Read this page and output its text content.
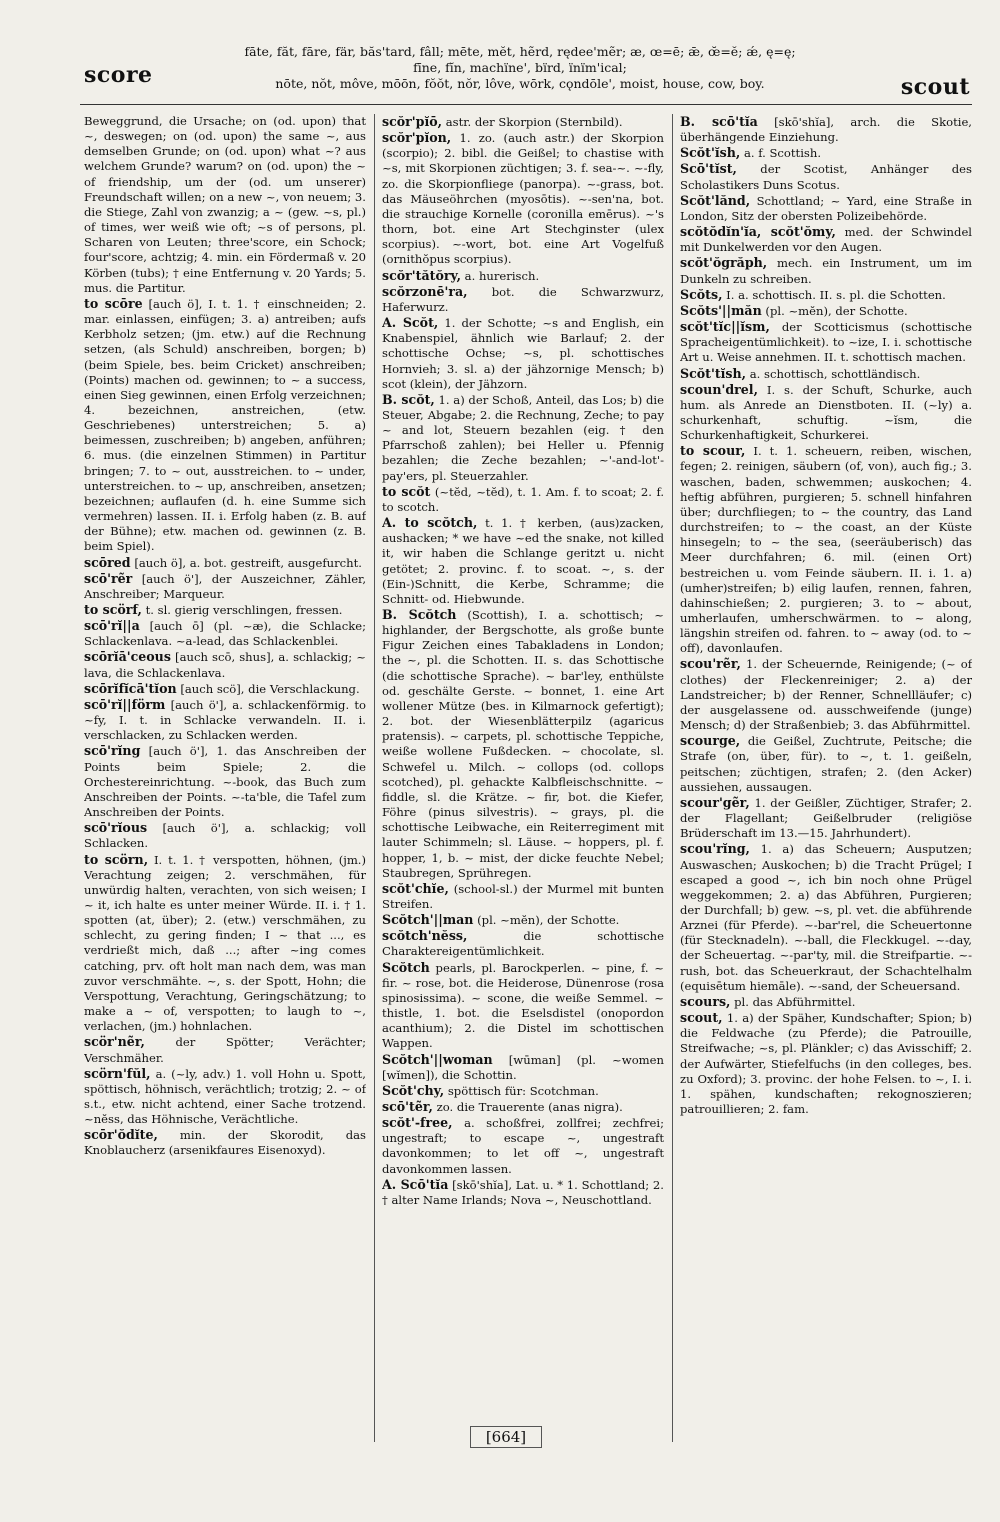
score
fāte, făt, fāre, fär, băs'tard, fâll; mēte, mĕt, hẽrd, rędee'mẽr; æ, œ=ē; ǣ, œ̆=ĕ; ǽ, ę=ę;
fīne, fĭn, machïne', bïrd, ïnïm'ical;
nōte, nŏt, môve, mōōn, fŏŏt, nŏr, lôve, wōrk, cǫndōle', moist, house, cow, boy.	scout
Beweggrund, die Ursache; on (od. upon) that ~, deswegen; on (od. upon) the same ~, aus demselben Grunde; on (od. upon) what ~? aus welchem Grunde? warum? on (od. upon) the ~ of friendship, um der (od. um unserer) Freundschaft willen; on a new ~, von neuem; 3. die Stiege, Zahl von zwanzig; a ~ (gew. ~s, pl.) of times, wer weiß wie oft; ~s of persons, pl. Scharen von Leuten; three'score, ein Schock; four'score, achtzig; 4. min. ein Fördermaß v. 20 Körben (tubs); † eine Entfernung v. 20 Yards; 5. mus. die Partitur.
to scōre [auch ö], I. t. 1. † einschneiden; 2. mar. einlassen, einfügen; 3. a) antreiben; aufs Kerbholz setzen; (jm. etw.) auf die Rechnung setzen, (als Schuld) anschreiben, borgen; b) (beim Spiele, bes. beim Cricket) anschreiben; (Points) machen od. gewinnen; to ~ a success, einen Sieg gewinnen, einen Erfolg verzeichnen; 4. bezeichnen, anstreichen, (etw. Geschriebenes) unterstreichen; 5. a) beimessen, zuschreiben; b) angeben, anführen; 6. mus. (die einzelnen Stimmen) in Partitur bringen; 7. to ~ out, ausstreichen. to ~ under, unterstreichen. to ~ up, anschreiben, ansetzen; bezeichnen; auflaufen (d. h. eine Summe sich vermehren) lassen. II. i. Erfolg haben (z. B. auf der Bühne); etw. machen od. gewinnen (z. B. beim Spiel).
scōred [auch ö], a. bot. gestreift, ausgefurcht.
scō'rẽr [auch ö'], der Auszeichner, Zähler, Anschreiber; Marqueur.
to scörf, t. sl. gierig verschlingen, fressen.
scō'rĭ||a [auch ō] (pl. ~æ), die Schlacke; Schlackenlava. ~a-lead, das Schlackenblei.
scōrĭā'ceous [auch scō, shus], a. schlackig; ~ lava, die Schlackenlava.
scōrĭfĭcā'tĭon [auch scö], die Verschlackung.
scō'rĭ||förm [auch ö'], a. schlackenförmig. to ~fy, I. t. in Schlacke verwandeln. II. i. verschlacken, zu Schlacken werden.
scō'rĭng [auch ö'], 1. das Anschreiben der Points beim Spiele; 2. die Orchestereinrichtung. ~-book, das Buch zum Anschreiben der Points. ~-ta'ble, die Tafel zum Anschreiben der Points.
scō'rĭous [auch ö'], a. schlackig; voll Schlacken.
to scörn, I. t. 1. † verspotten, höhnen, (jm.) Verachtung zeigen; 2. verschmähen, für unwürdig halten, verachten, von sich weisen; I ~ it, ich halte es unter meiner Würde. II. i. † 1. spotten (at, über); 2. (etw.) verschmähen, zu schlecht, zu gering finden; I ~ that ..., es verdrießt mich, daß ...; after ~ing comes catching, prv. oft holt man nach dem, was man zuvor verschmähte. ~, s. der Spott, Hohn; die Verspottung, Verachtung, Geringschätzung; to make a ~ of, verspotten; to laugh to ~, verlachen, (jm.) hohnlachen.
scör'nẽr,	der Spötter; Verächter; Verschmäher.
scörn'fŭl, a. (~ly, adv.) 1. voll Hohn u. Spott, spöttisch, höhnisch, verächtlich; trotzig; 2. ~ of s.t., etw. nicht achtend, einer Sache trotzend. ~nĕss, das Höhnische, Verächtliche.
scōr'ŏdĭte, min. der Skorodit, das Knoblaucherz (arsenikfaures Eisenoxyd).
scŏr'pĭō, astr. der Skorpion (Sternbild).
scŏr'pĭon, 1. zo. (auch astr.) der Skorpion (scorpio); 2. bibl. die Geißel; to chastise with ~s, mit Skorpionen züchtigen; 3. f. sea-~. ~-fly, zo. die Skorpionfliege (panorpa). ~-grass, bot. das Mäuseöhrchen (myosōtis). ~-sen'na, bot. die strauchige Kornelle (coronilla emērus). ~'s thorn, bot. eine Art Stechginster (ulex scorpius). ~-wort, bot. eine Art Vogelfuß (ornithŏpus scorpius).
scŏr'tătŏry, a. hurerisch.
scŏrzonē'ra, bot. die Schwarzwurz, Haferwurz.
A. Scŏt, 1. der Schotte; ~s and English, ein Knabenspiel, ähnlich wie Barlauf; 2. der schottische Ochse; ~s, pl. schottisches Hornvieh; 3. sl. a) der jähzornige Mensch; b) scot (klein), der Jähzorn.
B. scŏt, 1. a) der Schoß, Anteil, das Los; b) die Steuer, Abgabe; 2. die Rechnung, Zeche; to pay ~ and lot, Steuern bezahlen (eig. † den Pfarrschoß zahlen); bei Heller u. Pfennig bezahlen; die Zeche bezahlen; ~'-and-lot'-pay'ers, pl. Steuerzahler.
to scŏt (~tĕd, ~tĕd), t. 1. Am. f. to scoat; 2. f. to scotch.
A. to scŏtch, t. 1. † kerben, (aus)zacken, aushacken; * we have ~ed the snake, not killed it, wir haben die Schlange geritzt u. nicht getötet; 2. provinc. f. to scoat. ~, s. der (Ein-)Schnitt, die Kerbe, Schramme; die Schnitt- od. Hiebwunde.
B. Scŏtch (Scottish), I. a. schottisch; ~ highlander, der Bergschotte, als große bunte Figur Zeichen eines Tabakladens in London; the ~, pl. die Schotten. II. s. das Schottische (die schottische Sprache). ~ bar'ley, enthülste od. geschälte Gerste. ~ bonnet, 1. eine Art wollener Mütze (bes. in Kilmarnock gefertigt); 2. bot. der Wiesenblätterpilz (agaricus pratensis). ~ carpets, pl. schottische Teppiche, weiße wollene Fußdecken. ~ chocolate, sl. Schwefel u. Milch. ~ collops (od. collops scotched), pl. gehackte Kalbfleischschnitte. ~ fiddle, sl. die Krätze. ~ fir, bot. die Kiefer, Föhre (pinus silvestris). ~ grays, pl. die schottische Leibwache, ein Reiterregiment mit lauter Schimmeln; sl. Läuse. ~ hoppers, pl. f. hopper, 1, b. ~ mist, der dicke feuchte Nebel; Staubregen, Sprühregen.
scŏt'chĭe, (school-sl.) der Murmel mit bunten Streifen.
Scŏtch'||man (pl. ~mĕn), der Schotte.
scŏtch'nĕss,	die schottische Charaktereigentümlichkeit.
Scŏtch pearls, pl. Barockperlen. ~ pine, f. ~ fir. ~ rose, bot. die Heiderose, Dünenrose (rosa spinosissima). ~ scone, die weiße Semmel. ~ thistle, 1. bot. die Eselsdistel (onopordon acanthium); 2. die Distel im schottischen Wappen.
Scŏtch'||woman [wūman] (pl. ~women [wĭmen]), die Schottin.
Scŏt'chy, spöttisch für: Scotchman.
scō'tẽr, zo. die Trauerente (anas nigra).
scŏt'-free, a. schoßfrei, zollfrei; zechfrei; ungestraft; to escape ~, ungestraft davonkommen; to let off ~, ungestraft davonkommen lassen.
A. Scō'tĭa [skō'shĭa], Lat. u. * 1. Schottland; 2. † alter Name Irlands; Nova ~, Neuschottland.
B. scō'tĭa [skō'shĭa], arch. die Skotie, überhängende Einziehung.
Scŏt'ĭsh, a. f. Scottish.
Scō'tĭst, der Scotist, Anhänger des Scholastikers Duns Scotus.
Scŏt'lănd, Schottland; ~ Yard, eine Straße in London, Sitz der obersten Polizeibehörde.
scŏtŏdĭn'ĭa, scŏt'ŏmy, med. der Schwindel mit Dunkelwerden vor den Augen.
scŏt'ŏgrăph, mech. ein Instrument, um im Dunkeln zu schreiben.
Scŏts, I. a. schottisch. II. s. pl. die Schotten.
Scŏts'||măn (pl. ~mĕn), der Schotte.
scŏt'tĭc||ĭsm, der Scotticismus (schottische Spracheigentümlichkeit). to ~ize, I. i. schottische Art u. Weise annehmen. II. t. schottisch machen.
Scŏt'tĭsh, a. schottisch, schottländisch.
scoun'drel, I. s. der Schuft, Schurke, auch hum. als Anrede an Dienstboten. II. (~ly) a. schurkenhaft, schuftig. ~ĭsm, die Schurkenhaftigkeit, Schurkerei.
to scour, I. t. 1. scheuern, reiben, wischen, fegen; 2. reinigen, säubern (of, von), auch fig.; 3. waschen, baden, schwemmen; auskochen; 4. heftig abführen, purgieren; 5. schnell hinfahren über; durchfliegen; to ~ the country, das Land durchstreifen; to ~ the coast, an der Küste hinsegeln; to ~ the sea, (seeräuberisch) das Meer durchfahren; 6. mil. (einen Ort) bestreichen u. vom Feinde säubern. II. i. 1. a) (umher)streifen; b) eilig laufen, rennen, fahren, dahinschießen; 2. purgieren; 3. to ~ about, umherlaufen, umherschwärmen. to ~ along, längshin streifen od. fahren. to ~ away (od. to ~ off), davonlaufen.
scou'rẽr, 1. der Scheuernde, Reinigende; (~ of clothes) der Fleckenreiniger; 2. a) der Landstreicher; b) der Renner, Schnellläufer; c) der ausgelassene od. ausschweifende (junge) Mensch; d) der Straßenbieb; 3. das Abführmittel.
scourge, die Geißel, Zuchtrute, Peitsche; die Strafe (on, über, für). to ~, t. 1. geißeln, peitschen; züchtigen, strafen; 2. (den Acker) aussiehen, aussaugen.
scour'gẽr, 1. der Geißler, Züchtiger, Strafer; 2. der Flagellant; Geißelbruder (religiöse Brüderschaft im 13.—15. Jahrhundert).
scou'rĭng, 1. a) das Scheuern; Ausputzen; Auswaschen; Auskochen; b) die Tracht Prügel; I escaped a good ~, ich bin noch ohne Prügel weggekommen; 2. a) das Abführen, Purgieren; der Durchfall; b) gew. ~s, pl. vet. die abführende Arznei (für Pferde). ~-bar'rel, die Scheuertonne (für Stecknadeln). ~-ball, die Fleckkugel. ~-day, der Scheuertag. ~-par'ty, mil. die Streifpartie. ~-rush, bot. das Scheuerkraut, der Schachtelhalm (equisētum hiemāle). ~-sand, der Scheuersand.
scours, pl. das Abführmittel.
scout, 1. a) der Späher, Kundschafter; Spion; b) die Feldwache (zu Pferde); die Patrouille, Streifwache; ~s, pl. Plänkler; c) das Avisschiff; 2. der Aufwärter, Stiefelfuchs (in den colleges, bes. zu Oxford); 3. provinc. der hohe Felsen. to ~, I. i. 1. spähen, kundschaften; rekognoszieren; patrouillieren; 2. fam.
[664]
